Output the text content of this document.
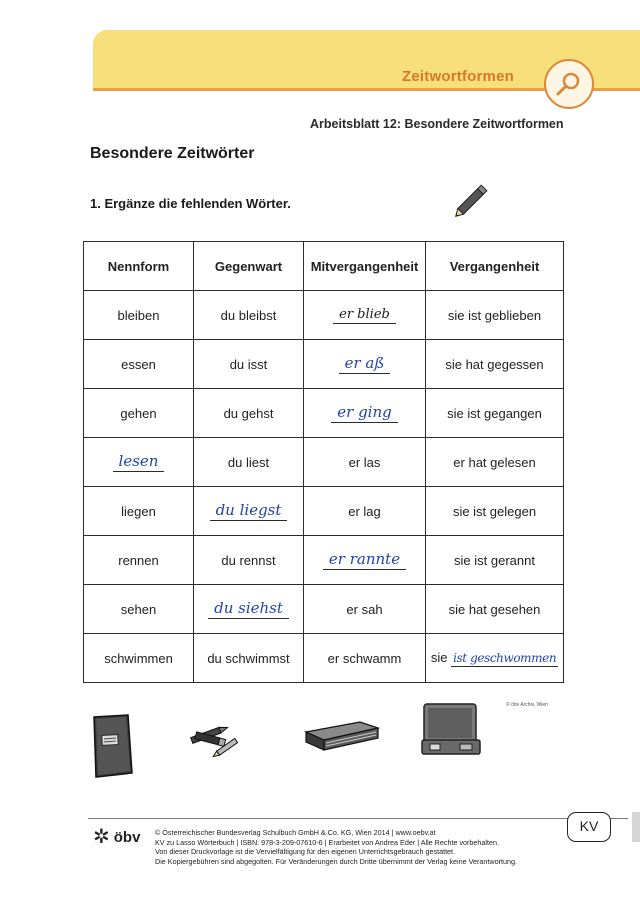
Zeitwortformen
Arbeitsblatt 12: Besondere Zeitwortformen
Besondere Zeitwörter
1. Ergänze die fehlenden Wörter.
Nennform	Gegenwart	Mitvergangenheit	Vergangenheit
bleiben	du bleibst	er blieb	sie ist geblieben
essen	du isst	er aß	sie hat gegessen
gehen	du gehst	er ging	sie ist gegangen
lesen	du liest	er las	er hat gelesen
liegen	du liegst	er lag	sie ist gelegen
rennen	du rennst	er rannte	sie ist gerannt
sehen	du siehst	er sah	sie hat gesehen
schwimmen	du schwimmst	er schwamm	sie ist geschwommen
© öbv Archiv, Wien
✲ öbv © Österreichischer Bundesverlag Schulbuch GmbH & Co. KG, Wien 2014 | www.oebv.at
KV zu Lasso Wörterbuch | ISBN: 978-3-209-07610-6 | Erarbeitet von Andrea Eder | Alle Rechte vorbehalten.
Von dieser Druckvorlage ist die Vervielfältigung für den eigenen Unterrichtsgebrauch gestattet.
Die Kopiergebühren sind abgegolten. Für Veränderungen durch Dritte übernimmt der Verlag keine Verantwortung.
KV
